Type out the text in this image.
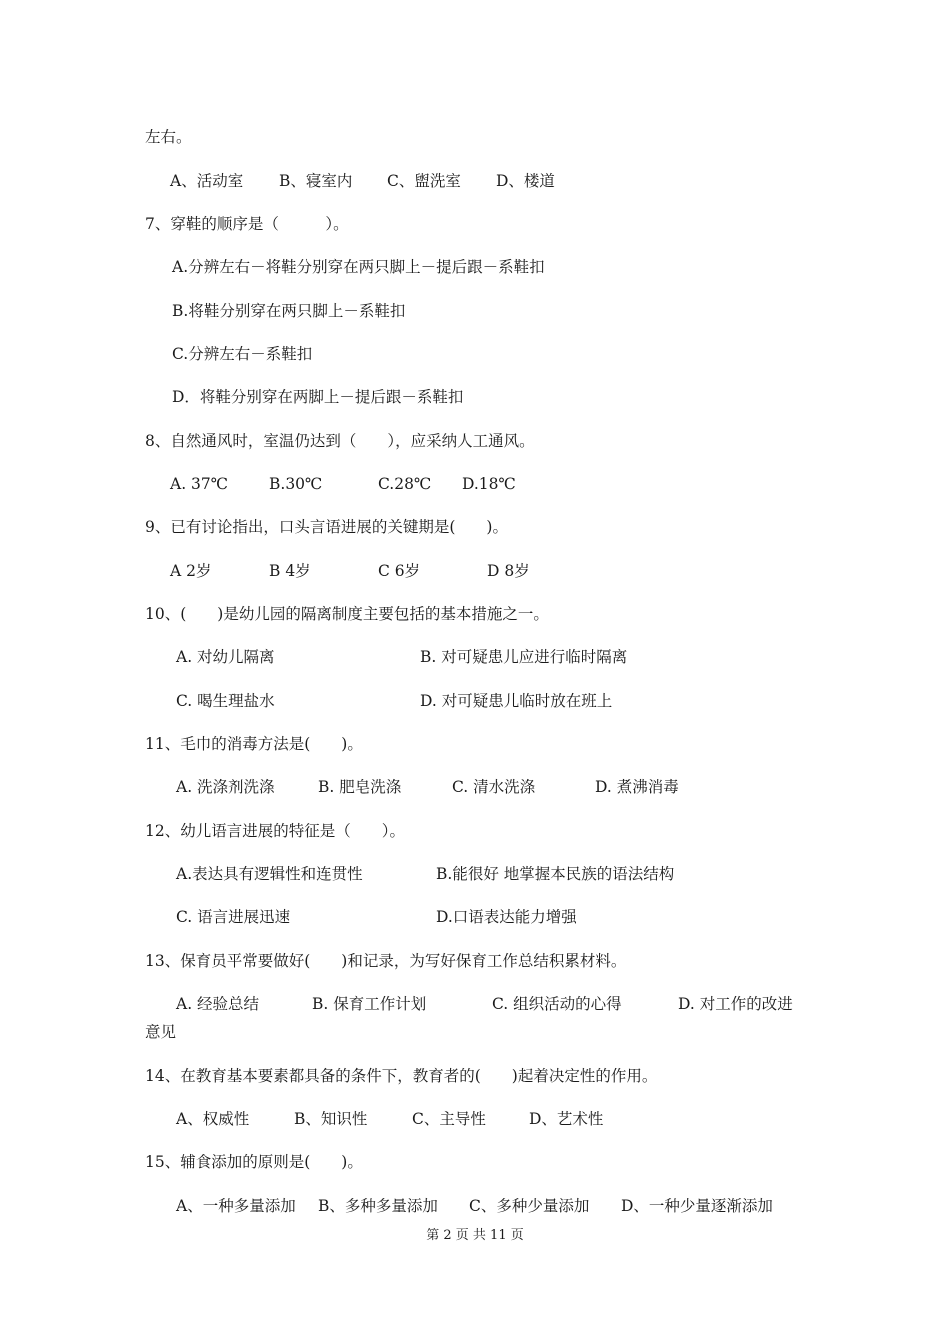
左右。
A、活动室 B、寝室内 C、盥洗室 D、楼道
7、穿鞋的顺序是（　　　）。
A.分辨左右－将鞋分别穿在两只脚上－提后跟－系鞋扣
B.将鞋分别穿在两只脚上－系鞋扣
C.分辨左右－系鞋扣
D．将鞋分别穿在两脚上－提后跟－系鞋扣
8、自然通风时，室温仍达到（　　），应采纳人工通风。
A. 37℃	B.30℃	C.28℃ D.18℃
9、已有讨论指出，口头言语进展的关键期是(　　)。
A 2岁	B 4岁	C 6岁	D 8岁
10、(　　)是幼儿园的隔离制度主要包括的基本措施之一。
A. 对幼儿隔离	B. 对可疑患儿应进行临时隔离
C. 喝生理盐水	D. 对可疑患儿临时放在班上
11、毛巾的消毒方法是(　　)。
A. 洗涤剂洗涤	B. 肥皂洗涤	C. 清水洗涤	D. 煮沸消毒
12、幼儿语言进展的特征是（　　）。
A.表达具有逻辑性和连贯性	B.能很好 地掌握本民族的语法结构
C. 语言进展迅速	D.口语表达能力增强
13、保育员平常要做好(　　)和记录，为写好保育工作总结积累材料。
A. 经验总结	B. 保育工作计划	C. 组织活动的心得	D. 对工作的改进
意见
14、在教育基本要素都具备的条件下，教育者的(　　)起着决定性的作用。
A、权威性	B、知识性	C、主导性	D、艺术性
15、辅食添加的原则是(　　)。
A、一种多量添加 B、多种多量添加 C、多种少量添加 D、一种少量逐渐添加
第 2 页 共 11 页
